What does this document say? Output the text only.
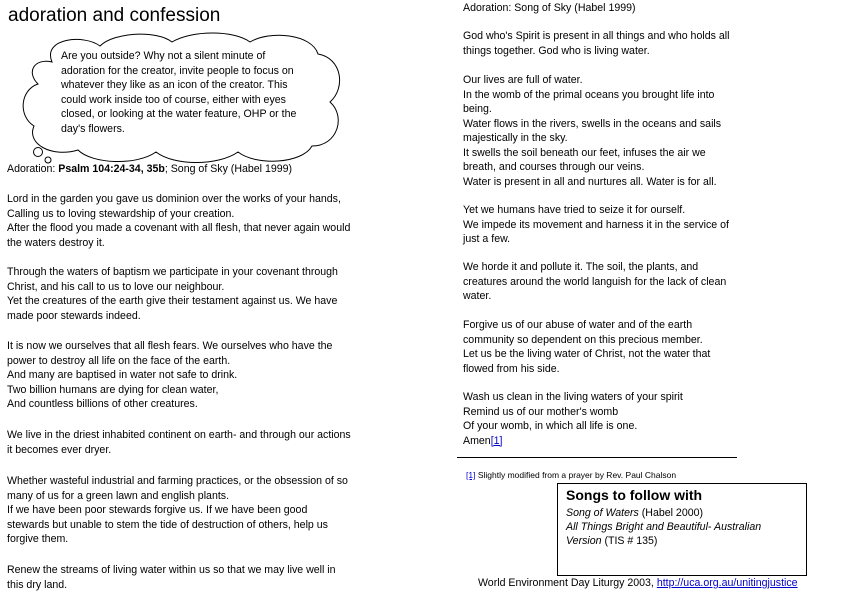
adoration and confession
Are you outside? Why not a silent minute of
adoration for the creator, invite people to focus on
whatever they like as an icon of the creator. This
could work inside too of course, either with eyes
closed, or looking at the water feature, OHP or the
day's flowers.
Adoration: Psalm 104:24-34, 35b; Song of Sky (Habel 1999)
Lord in the garden you gave us dominion over the works of your hands,
Calling us to loving stewardship of your creation.
After the flood you made a covenant with all flesh, that never again would
the waters destroy it.
Through the waters of baptism we participate in your covenant through
Christ, and his call to us to love our neighbour.
Yet the creatures of the earth give their testament against us. We have
made poor stewards indeed.
It is now we ourselves that all flesh fears. We ourselves who have the
power to destroy all life on the face of the earth.
And many are baptised in water not safe to drink.
Two billion humans are dying for clean water,
And countless billions of other creatures.
We live in the driest inhabited continent on earth- and through our actions
it becomes ever dryer.
Whether wasteful industrial and farming practices, or the obsession of so
many of us for a green lawn and english plants.
If we have been poor stewards forgive us. If we have been good
stewards but unable to stem the tide of destruction of others, help us
forgive them.
Renew the streams of living water within us so that we may live well in
this dry land.
Adoration: Song of Sky (Habel 1999)
God who's Spirit is present in all things and who holds all
things together. God who is living water.
Our lives are full of water.
In the womb of the primal oceans you brought life into
being.
Water flows in the rivers, swells in the oceans and sails
majestically in the sky.
It swells the soil beneath our feet, infuses the air we
breath, and courses through our veins.
Water is present in all and nurtures all. Water is for all.
Yet we humans have tried to seize it for ourself.
We impede its movement and harness it in the service of
just a few.
We horde it and pollute it. The soil, the plants, and
creatures around the world languish for the lack of clean
water.
Forgive us of our abuse of water and of the earth
community so dependent on this precious member.
Let us be the living water of Christ, not the water that
flowed from his side.
Wash us clean in the living waters of your spirit
Remind us of our mother's womb
Of your womb, in which all life is one.
Amen[1]
[1] Slightly modified from a prayer by Rev. Paul Chalson
Songs to follow with
Song of Waters (Habel 2000)
All Things Bright and Beautiful- Australian
Version (TIS # 135)
World Environment Day Liturgy 2003, http://uca.org.au/unitingjustice
